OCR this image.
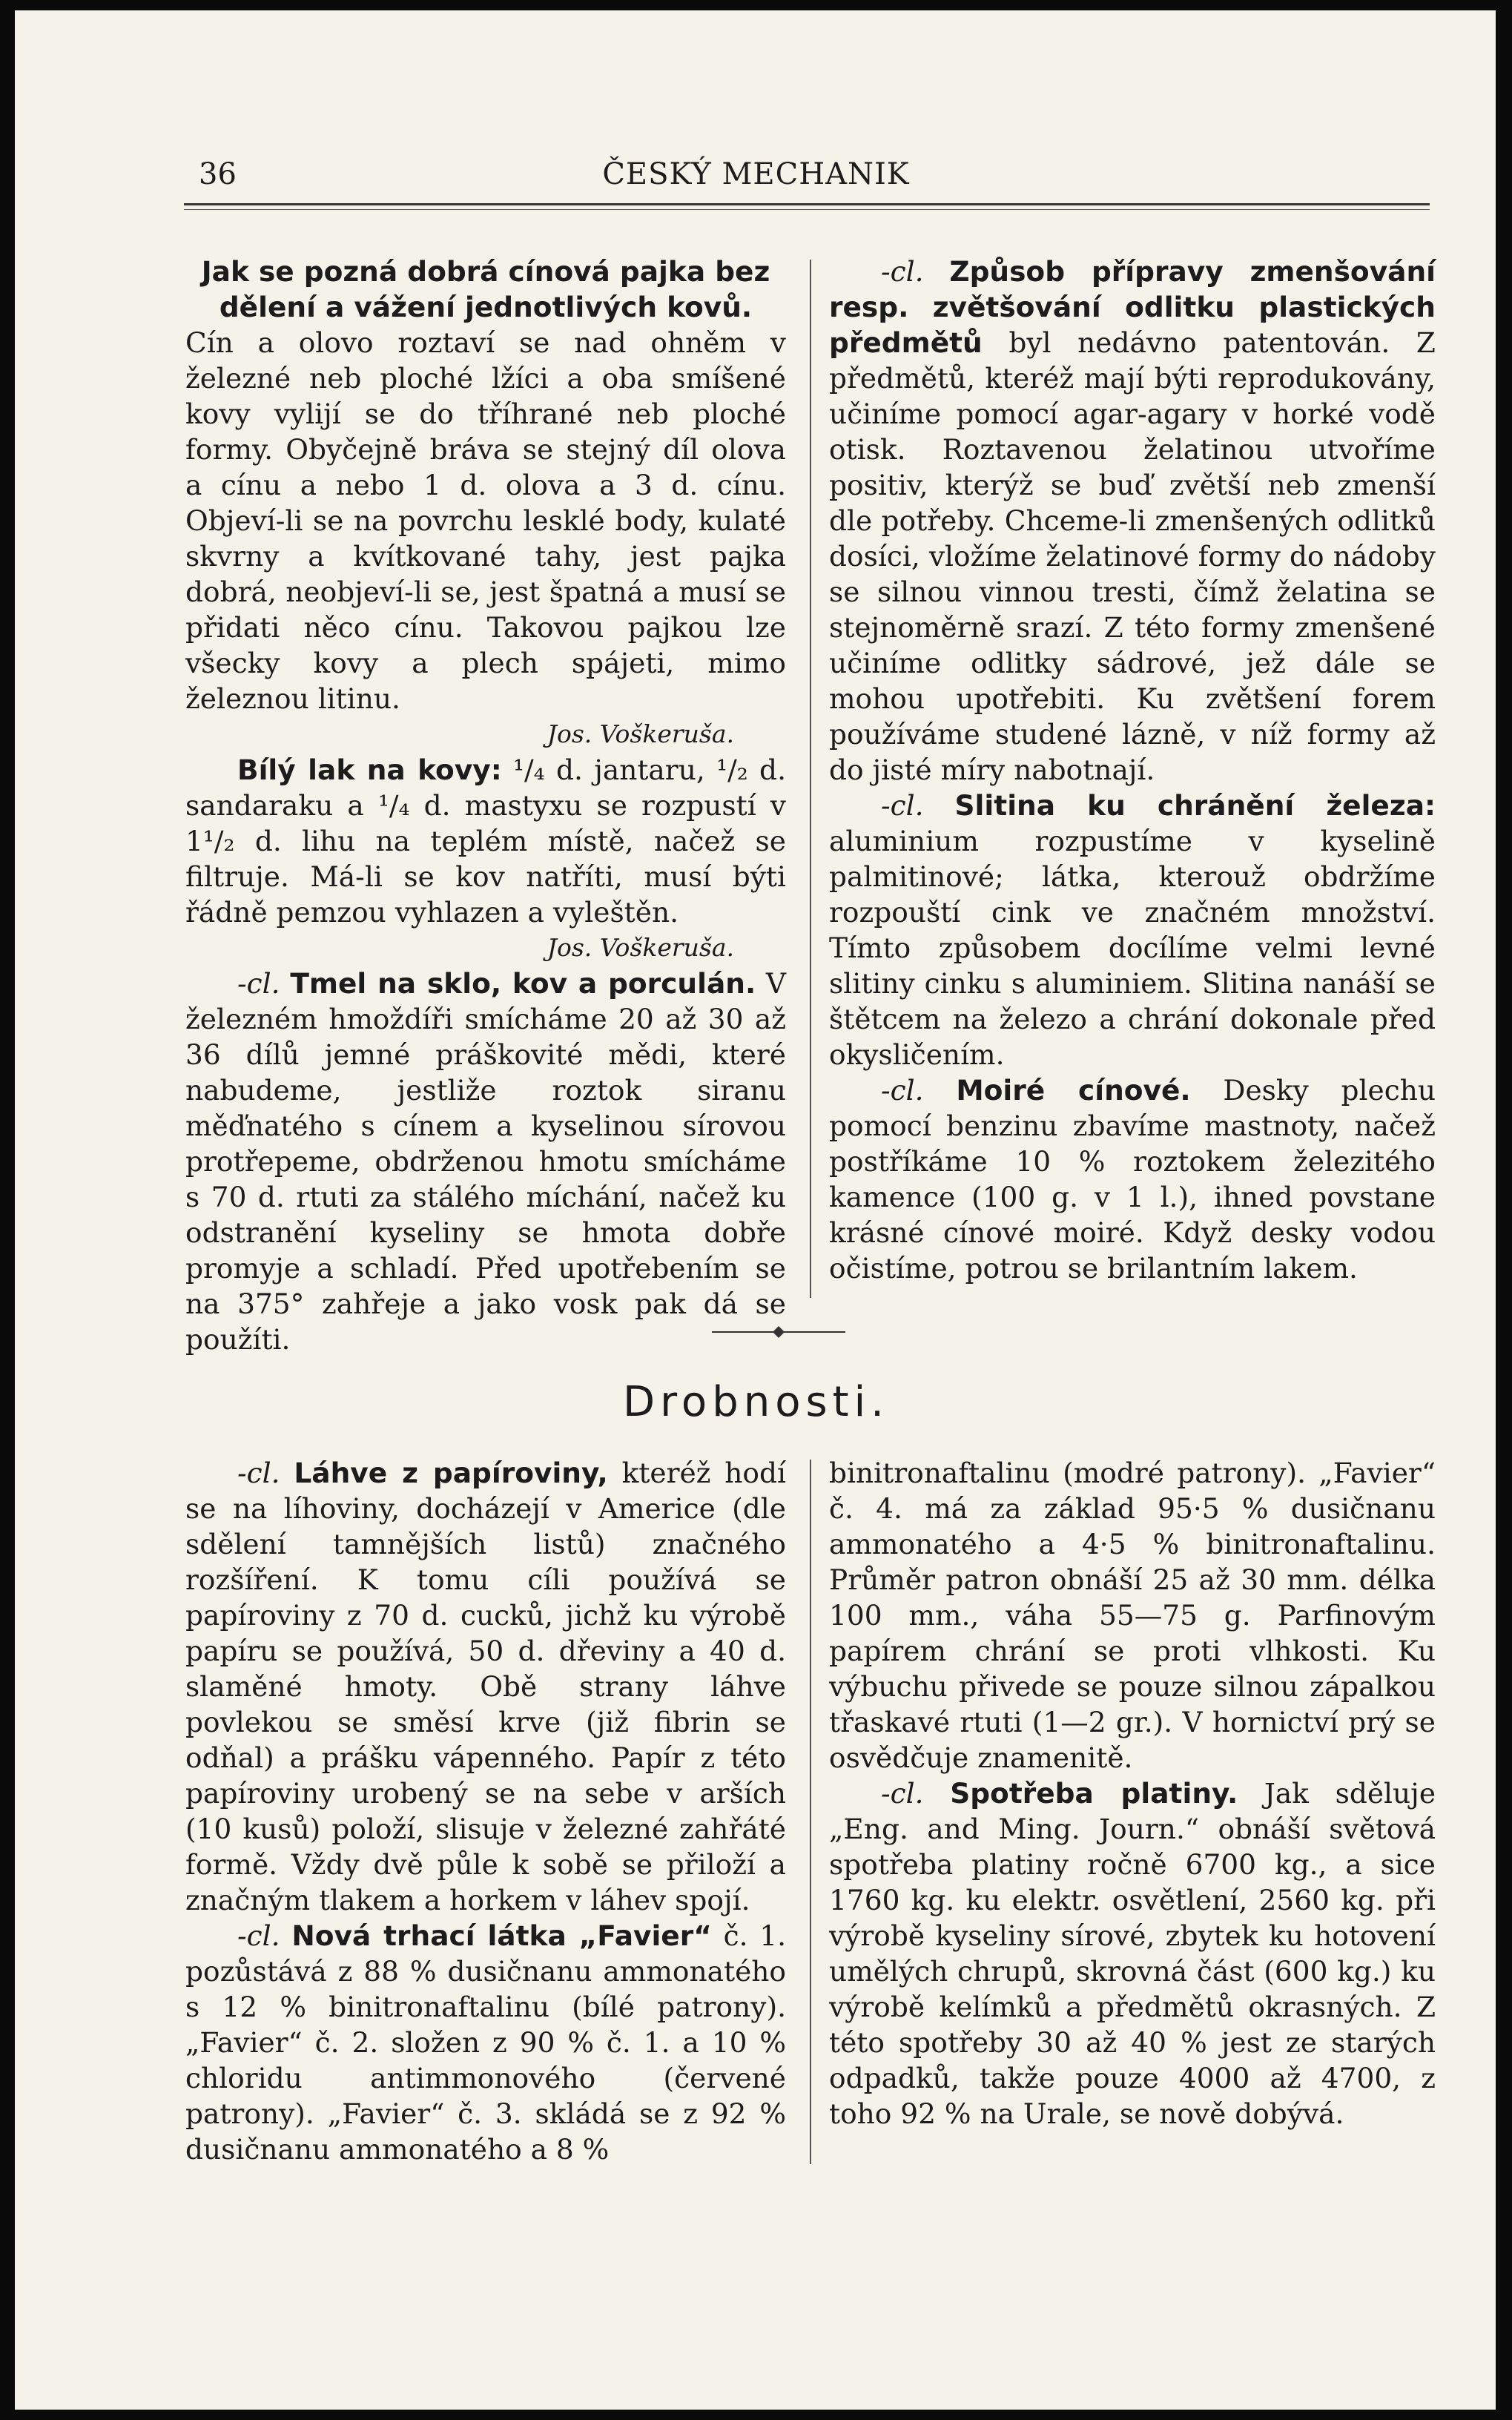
36	ČESKÝ MECHANIK

Jak se pozná dobrá cínová pajka bez dělení a vážení jednotlivých kovů.

Cín a olovo roztaví se nad ohněm v železné neb ploché lžíci a oba smíšené kovy vylijí se do tříhrané neb ploché formy. Obyčejně bráva se stejný díl olova a cínu a nebo 1 d. olova a 3 d. cínu. Objeví-li se na povrchu lesklé body, kulaté skvrny a kvítkované tahy, jest pajka dobrá, neobjeví-li se, jest špatná a musí se přidati něco cínu. Takovou pajkou lze všecky kovy a plech spájeti, mimo železnou litinu.

Jos. Voškeruša.

Bílý lak na kovy: ¹/₄ d. jantaru, ¹/₂ d. sandaraku a ¹/₄ d. mastyxu se rozpustí v 1¹/₂ d. lihu na teplém místě, načež se filtruje. Má-li se kov natříti, musí býti řádně pemzou vyhlazen a vyleštěn.

Jos. Voškeruša.

-cl. Tmel na sklo, kov a porculán. V železném hmoždíři smícháme 20 až 30 až 36 dílů jemné práškovité mědi, které nabudeme, jestliže roztok siranu měďnatého s cínem a kyselinou sírovou protřepeme, obdrženou hmotu smícháme s 70 d. rtuti za stálého míchání, načež ku odstranění kyseliny se hmota dobře promyje a schladí. Před upotřebením se na 375° zahřeje a jako vosk pak dá se použíti.

-cl. Způsob přípravy zmenšování resp. zvětšování odlitku plastických předmětů byl nedávno patentován. Z předmětů, kteréž mají býti reprodukovány, učiníme pomocí agar-agary v horké vodě otisk. Roztavenou želatinou utvoříme positiv, kterýž se buď zvětší neb zmenší dle potřeby. Chceme-li zmenšených odlitků dosíci, vložíme želatinové formy do nádoby se silnou vinnou tresti, čímž želatina se stejnoměrně srazí. Z této formy zmenšené učiníme odlitky sádrové, jež dále se mohou upotřebiti. Ku zvětšení forem používáme studené lázně, v níž formy až do jisté míry nabotnají.

-cl. Slitina ku chránění železa: aluminium rozpustíme v kyselině palmitinové; látka, kterouž obdržíme rozpouští cink ve značném množství. Tímto způsobem docílíme velmi levné slitiny cinku s aluminiem. Slitina nanáší se štětcem na železo a chrání dokonale před okysličením.

-cl. Moiré cínové. Desky plechu pomocí benzinu zbavíme mastnoty, načež postříkáme 10 % roztokem železitého kamence (100 g. v 1 l.), ihned povstane krásné cínové moiré. Když desky vodou očistíme, potrou se brilantním lakem.

Drobnosti.

-cl. Láhve z papíroviny, kteréž hodí se na líhoviny, docházejí v Americe (dle sdělení tamnějších listů) značného rozšíření. K tomu cíli používá se papíroviny z 70 d. cucků, jichž ku výrobě papíru se používá, 50 d. dřeviny a 40 d. slaměné hmoty. Obě strany láhve povlekou se směsí krve (již fibrin se odňal) a prášku vápenného. Papír z této papíroviny urobený se na sebe v arších (10 kusů) položí, slisuje v železné zahřáté formě. Vždy dvě půle k sobě se přiloží a značným tlakem a horkem v láhev spojí.

-cl. Nová trhací látka „Favier“ č. 1. pozůstává z 88 % dusičnanu ammonatého s 12 % binitronaftalinu (bílé patrony). „Favier“ č. 2. složen z 90 % č. 1. a 10 % chloridu antimmonového (červené patrony). „Favier“ č. 3. skládá se z 92 % dusičnanu ammonatého a 8 %

binitronaftalinu (modré patrony). „Favier“ č. 4. má za základ 95·5 % dusičnanu ammonatého a 4·5 % binitronaftalinu. Průměr patron obnáší 25 až 30 mm. délka 100 mm., váha 55—75 g. Parfinovým papírem chrání se proti vlhkosti. Ku výbuchu přivede se pouze silnou zápalkou třaskavé rtuti (1—2 gr.). V hornictví prý se osvědčuje znamenitě.

-cl. Spotřeba platiny. Jak sděluje „Eng. and Ming. Journ.“ obnáší světová spotřeba platiny ročně 6700 kg., a sice 1760 kg. ku elektr. osvětlení, 2560 kg. při výrobě kyseliny sírové, zbytek ku hotovení umělých chrupů, skrovná část (600 kg.) ku výrobě kelímků a předmětů okrasných. Z této spotřeby 30 až 40 % jest ze starých odpadků, takže pouze 4000 až 4700, z toho 92 % na Urale, se nově dobývá.
